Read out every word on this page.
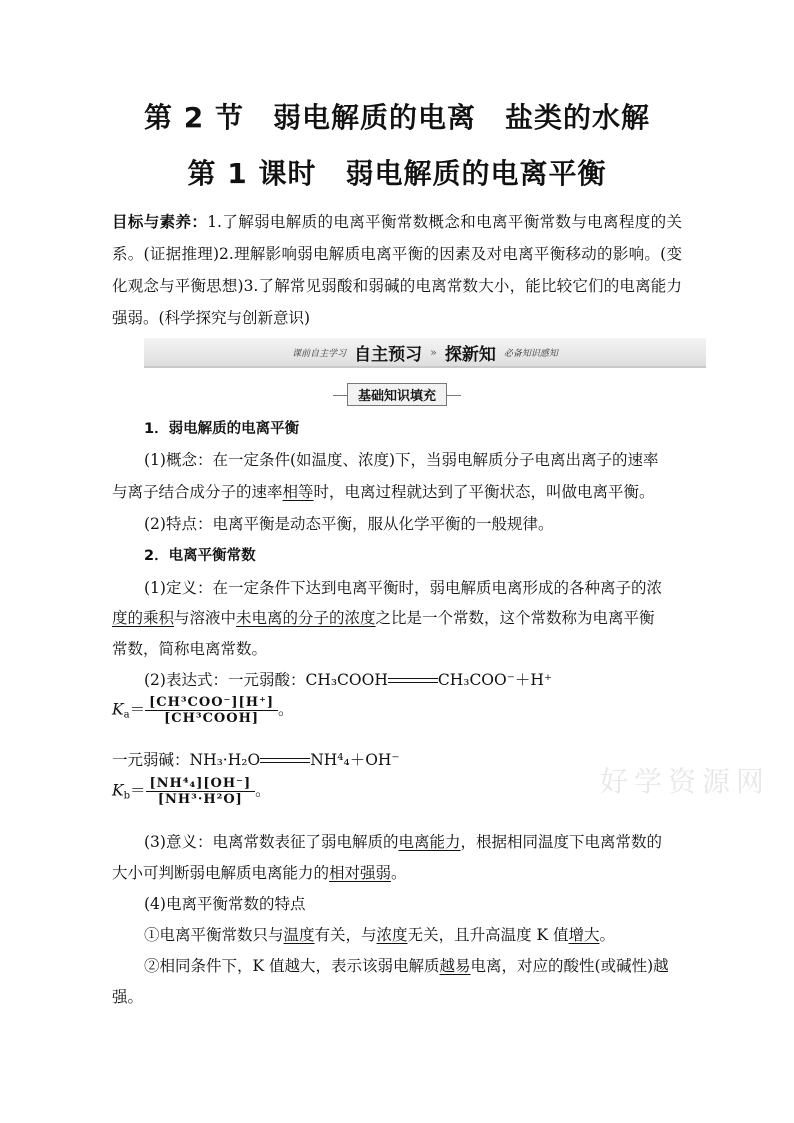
第 2 节　弱电解质的电离　盐类的水解
第 1 课时　弱电解质的电离平衡
目标与素养：1.了解弱电解质的电离平衡常数概念和电离平衡常数与电离程度的关系。(证据推理)2.理解影响弱电解质电离平衡的因素及对电离平衡移动的影响。(变化观念与平衡思想)3.了解常见弱酸和弱碱的电离常数大小，能比较它们的电离能力强弱。(科学探究与创新意识)
课前自主学习 自主预习 » 探新知 必备知识感知
基础知识填充
1．弱电解质的电离平衡
(1)概念：在一定条件(如温度、浓度)下，当弱电解质分子电离出离子的速率
与离子结合成分子的速率相等时，电离过程就达到了平衡状态，叫做电离平衡。
(2)特点：电离平衡是动态平衡，服从化学平衡的一般规律。
2．电离平衡常数
(1)定义：在一定条件下达到电离平衡时，弱电解质电离形成的各种离子的浓
度的乘积与溶液中未电离的分子的浓度之比是一个常数，这个常数称为电离平衡
常数，简称电离常数。
(2)表达式：一元弱酸：CH₃COOH	CH₃COO⁻＋H⁺
$K_a= \frac{\text{[CH³COO⁻][H⁺]}}{\text{[CH³COOH]}}$ 。
一元弱碱：NH₃·H₂O	NH⁴₄＋OH⁻
$K_b= \frac{\text{[NH⁴₄][OH⁻]}}{\text{[NH³·H²O]}}$ 。
(3)意义：电离常数表征了弱电解质的电离能力，根据相同温度下电离常数的
大小可判断弱电解质电离能力的相对强弱。
(4)电离平衡常数的特点
①电离平衡常数只与温度有关，与浓度无关，且升高温度 K 值增大。
②相同条件下，K 值越大，表示该弱电解质越易电离，对应的酸性(或碱性)越
强。
好学资源网
